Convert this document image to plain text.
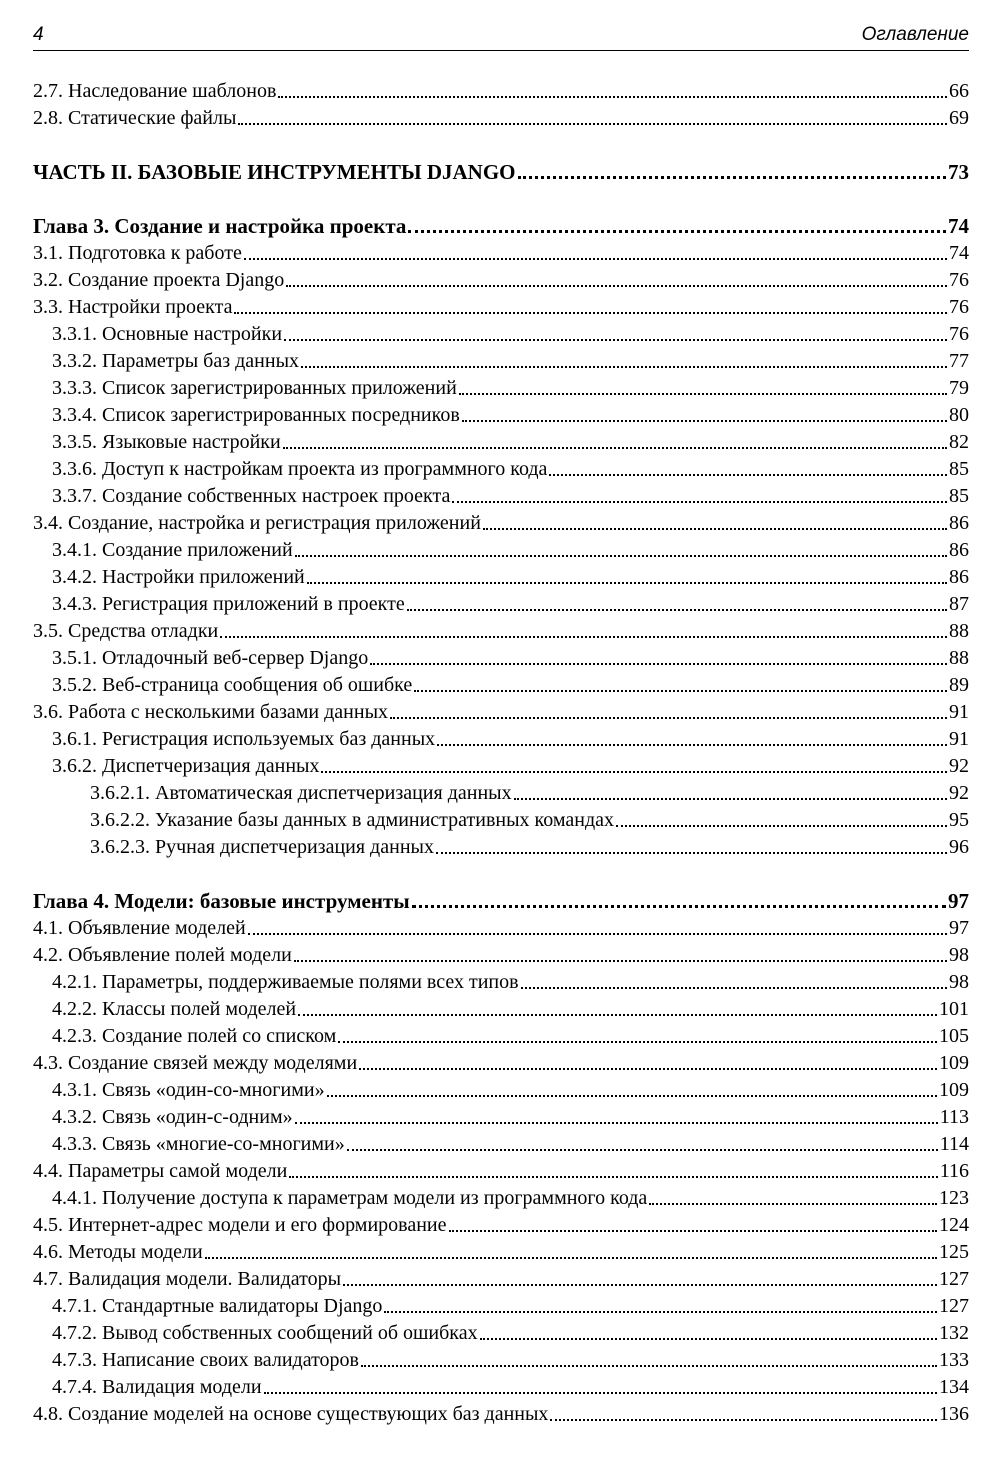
4	Оглавление
2.7. Наследование шаблонов	66
2.8. Статические файлы	69
ЧАСТЬ II. БАЗОВЫЕ ИНСТРУМЕНТЫ DJANGO	73
Глава 3. Создание и настройка проекта	74
3.1. Подготовка к работе	74
3.2. Создание проекта Django	76
3.3. Настройки проекта	76
3.3.1. Основные настройки	76
3.3.2. Параметры баз данных	77
3.3.3. Список зарегистрированных приложений	79
3.3.4. Список зарегистрированных посредников	80
3.3.5. Языковые настройки	82
3.3.6. Доступ к настройкам проекта из программного кода	85
3.3.7. Создание собственных настроек проекта	85
3.4. Создание, настройка и регистрация приложений	86
3.4.1. Создание приложений	86
3.4.2. Настройки приложений	86
3.4.3. Регистрация приложений в проекте	87
3.5. Средства отладки	88
3.5.1. Отладочный веб-сервер Django	88
3.5.2. Веб-страница сообщения об ошибке	89
3.6. Работа с несколькими базами данных	91
3.6.1. Регистрация используемых баз данных	91
3.6.2. Диспетчеризация данных	92
3.6.2.1. Автоматическая диспетчеризация данных	92
3.6.2.2. Указание базы данных в административных командах	95
3.6.2.3. Ручная диспетчеризация данных	96
Глава 4. Модели: базовые инструменты	97
4.1. Объявление моделей	97
4.2. Объявление полей модели	98
4.2.1. Параметры, поддерживаемые полями всех типов	98
4.2.2. Классы полей моделей	101
4.2.3. Создание полей со списком	105
4.3. Создание связей между моделями	109
4.3.1. Связь «один-со-многими»	109
4.3.2. Связь «один-с-одним»	113
4.3.3. Связь «многие-со-многими»	114
4.4. Параметры самой модели	116
4.4.1. Получение доступа к параметрам модели из программного кода	123
4.5. Интернет-адрес модели и его формирование	124
4.6. Методы модели	125
4.7. Валидация модели. Валидаторы	127
4.7.1. Стандартные валидаторы Django	127
4.7.2. Вывод собственных сообщений об ошибках	132
4.7.3. Написание своих валидаторов	133
4.7.4. Валидация модели	134
4.8. Создание моделей на основе существующих баз данных	136
